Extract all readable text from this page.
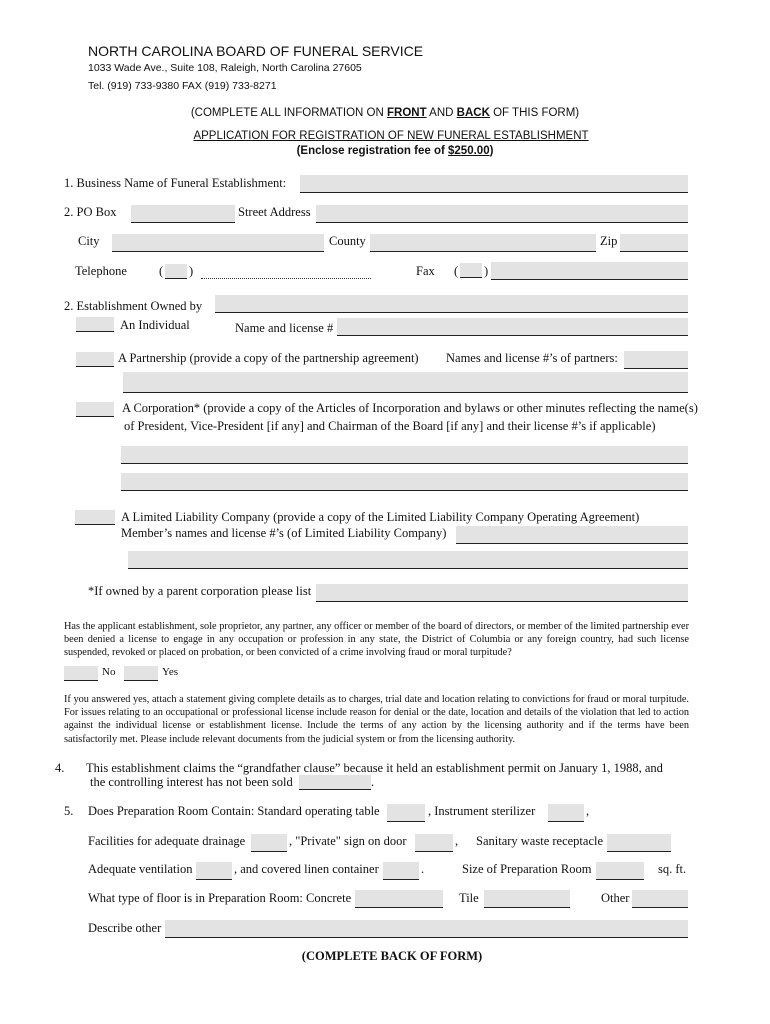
NORTH CAROLINA BOARD OF FUNERAL SERVICE
1033 Wade Ave., Suite 108, Raleigh, North Carolina 27605
Tel. (919) 733-9380 FAX (919) 733-8271
(COMPLETE ALL INFORMATION ON FRONT AND BACK OF THIS FORM)
APPLICATION FOR REGISTRATION OF NEW FUNERAL ESTABLISHMENT
(Enclose registration fee of $250.00)
1. Business Name of Funeral Establishment:
2. PO Box	Street Address
City	County	Zip
Telephone	( )	Fax ( )
2. Establishment Owned by
An Individual	Name and license #
A Partnership (provide a copy of the partnership agreement) Names and license #’s of partners:
A Corporation* (provide a copy of the Articles of Incorporation and bylaws or other minutes reflecting the name(s)
of President, Vice-President [if any] and Chairman of the Board [if any] and their license #’s if applicable)
A Limited Liability Company (provide a copy of the Limited Liability Company Operating Agreement)
Member’s names and license #’s (of Limited Liability Company)
*If owned by a parent corporation please list
Has the applicant establishment, sole proprietor, any partner, any officer or member of the board of directors, or member of the limited partnership ever been denied a license to engage in any occupation or profession in any state, the District of Columbia or any foreign country, had such license suspended, revoked or placed on probation, or been convicted of a crime involving fraud or moral turpitude?
No	Yes
If you answered yes, attach a statement giving complete details as to charges, trial date and location relating to convictions for fraud or moral turpitude. For issues relating to an occupational or professional license include reason for denial or the date, location and details of the violation that led to action against the individual license or establishment license. Include the terms of any action by the licensing authority and if the terms have been satisfactorily met. Please include relevant documents from the judicial system or from the licensing authority.
4. This establishment claims the “grandfather clause” because it held an establishment permit on January 1, 1988, and
the controlling interest has not been sold	.
5. Does Preparation Room Contain: Standard operating table	, Instrument sterilizer	,
Facilities for adequate drainage	, "Private" sign on door	, Sanitary waste receptacle
Adequate ventilation	, and covered linen container	.	Size of Preparation Room	sq. ft.
What type of floor is in Preparation Room: Concrete	Tile	Other
Describe other
(COMPLETE BACK OF FORM)
